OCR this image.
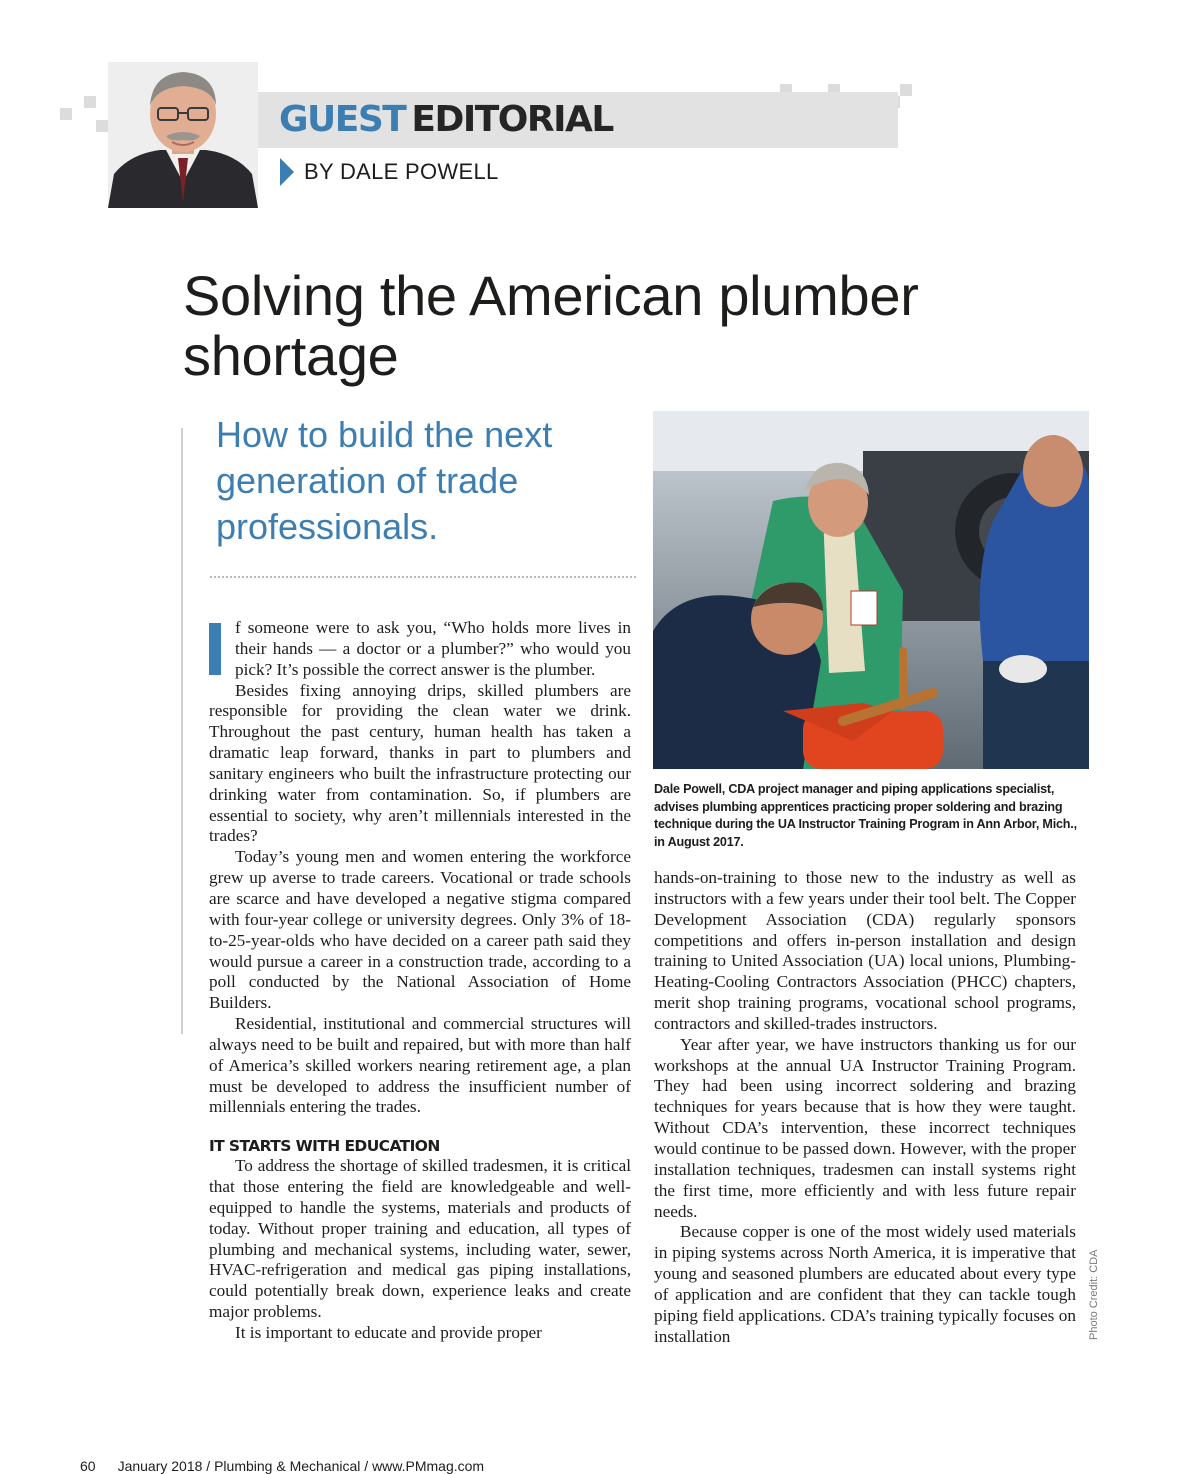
GUEST EDITORIAL

BY DALE POWELL

Solving the American plumber shortage
How to build the next generation of trade professionals.

f someone were to ask you, “Who holds more lives in their hands — a doctor or a plumber?” who would you pick? It’s possible the correct answer is the plumber.

Besides fixing annoying drips, skilled plumbers are responsible for providing the clean water we drink. Throughout the past century, human health has taken a dramatic leap forward, thanks in part to plumbers and sanitary engineers who built the infrastructure protecting our drinking water from contamination. So, if plumbers are essential to society, why aren’t millennials interested in the trades?

Today’s young men and women entering the workforce grew up averse to trade careers. Vocational or trade schools are scarce and have developed a negative stigma compared with four-year college or university degrees. Only 3% of 18-to-25-year-olds who have decided on a career path said they would pursue a career in a construction trade, according to a poll conducted by the National Association of Home Builders.

Residential, institutional and commercial structures will always need to be built and repaired, but with more than half of America’s skilled workers nearing retirement age, a plan must be developed to address the insufficient number of millennials entering the trades.

IT STARTS WITH EDUCATION

To address the shortage of skilled tradesmen, it is critical that those entering the field are knowledgeable and well-equipped to handle the systems, materials and products of today. Without proper training and education, all types of plumbing and mechanical systems, including water, sewer, HVAC-refrigeration and medical gas piping installations, could potentially break down, experience leaks and create major problems.

It is important to educate and provide proper

Dale Powell, CDA project manager and piping applications specialist, advises plumbing apprentices practicing proper soldering and brazing technique during the UA Instructor Training Program in Ann Arbor, Mich., in August 2017.

Photo Credit: CDA

hands-on-training to those new to the industry as well as instructors with a few years under their tool belt. The Copper Development Association (CDA) regularly sponsors competitions and offers in-person installation and design training to United Association (UA) local unions, Plumbing-Heating-Cooling Contractors Association (PHCC) chapters, merit shop training programs, vocational school programs, contractors and skilled-trades instructors.

Year after year, we have instructors thanking us for our workshops at the annual UA Instructor Training Program. They had been using incorrect soldering and brazing techniques for years because that is how they were taught. Without CDA’s intervention, these incorrect techniques would continue to be passed down. However, with the proper installation techniques, tradesmen can install systems right the first time, more efficiently and with less future repair needs.

Because copper is one of the most widely used materials in piping systems across North America, it is imperative that young and seasoned plumbers are educated about every type of application and are confident that they can tackle tough piping field applications. CDA’s training typically focuses on installation

60 January 2018 / Plumbing & Mechanical / www.PMmag.com
